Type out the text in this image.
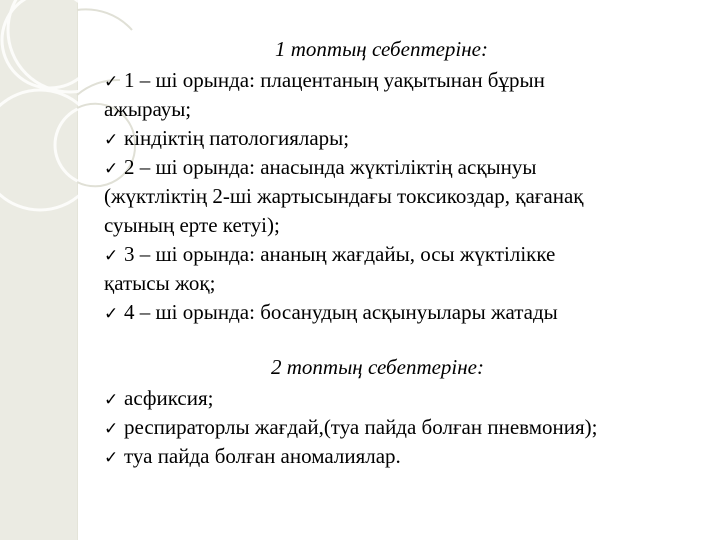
1 топтың себептеріне:
✓ 1 – ші орында: плацентаның уақытынан бұрын
ажырауы;
✓ кіндіктің патологиялары;
✓ 2 – ші орында: анасында жүктіліктің асқынуы
(жүктліктің 2-ші жартысындағы токсикоздар, қағанақ
суының ерте кетуі);
✓ 3 – ші орында: ананың жағдайы, осы жүктілікке
қатысы жоқ;
✓ 4 – ші орында: босанудың асқынуылары жатады
2 топтың себептеріне:
✓ асфиксия;
✓ респираторлы жағдай,(туа пайда болған пневмония);
✓ туа пайда болған аномалиялар.
